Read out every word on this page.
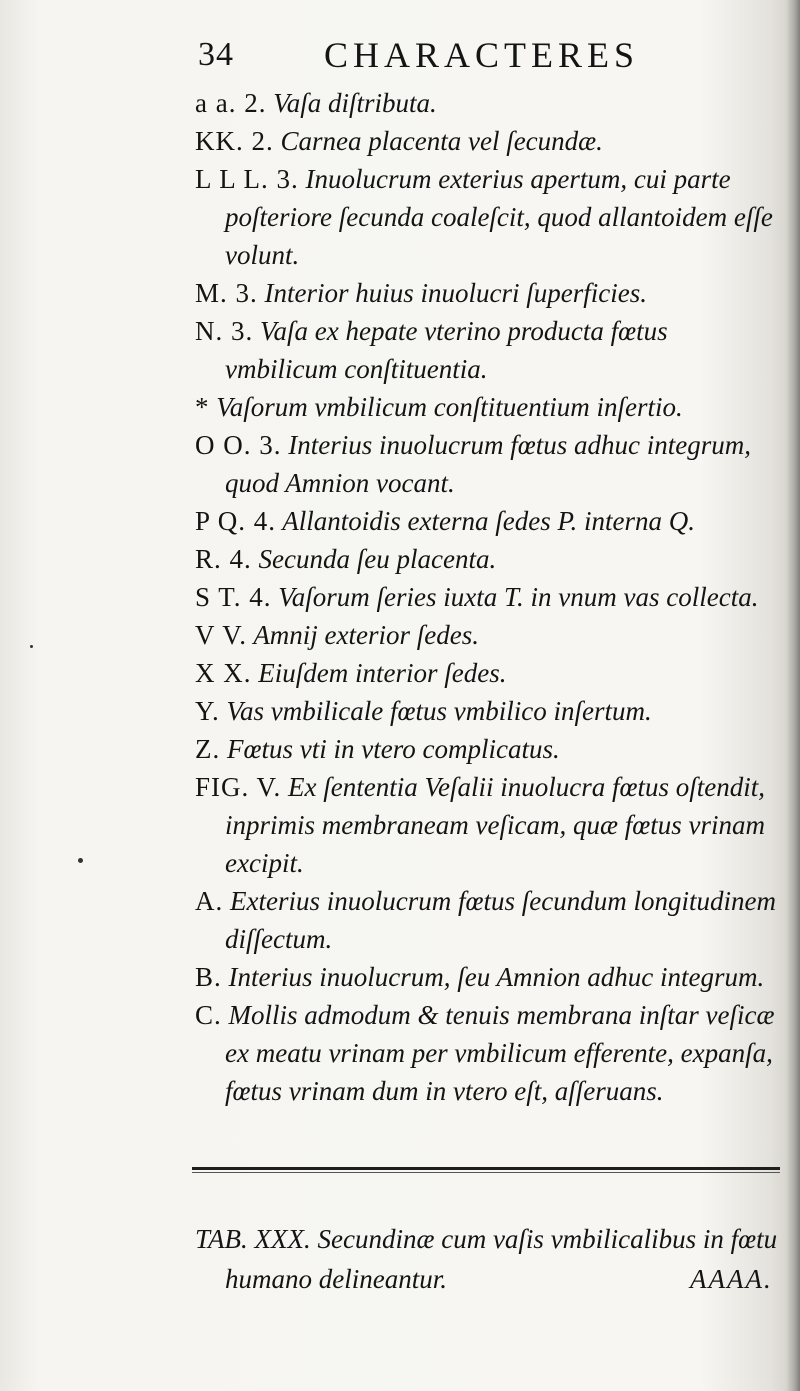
34	CHARACTERES

a a. 2. Vaſa diſtributa.

KK. 2. Carnea placenta vel ſecundæ.

L L L. 3. Inuolucrum exterius apertum, cui parte poſteriore ſecunda coaleſcit, quod allantoidem eſſe volunt.

M. 3. Interior huius inuolucri ſuperficies.

N. 3. Vaſa ex hepate vterino producta fœtus vmbilicum conſtituentia.

* Vaſorum vmbilicum conſtituentium inſertio.

O O. 3. Interius inuolucrum fœtus adhuc integrum, quod Amnion vocant.

P Q. 4. Allantoidis externa ſedes P. interna Q.

R. 4. Secunda ſeu placenta.

S T. 4. Vaſorum ſeries iuxta T. in vnum vas collecta.

V V. Amnij exterior ſedes.

X X. Eiuſdem interior ſedes.

Y. Vas vmbilicale fœtus vmbilico inſertum.

Z. Fœtus vti in vtero complicatus.

FIG. V. Ex ſententia Veſalii inuolucra fœtus oſtendit, inprimis membraneam veſicam, quæ fœtus vrinam excipit.

A. Exterius inuolucrum fœtus ſecundum longitudinem diſſectum.

B. Interius inuolucrum, ſeu Amnion adhuc integrum.

C. Mollis admodum & tenuis membrana inſtar veſicæ ex meatu vrinam per vmbilicum efferente, expanſa, fœtus vrinam dum in vtero eſt, aſſeruans.

TAB. XXX. Secundinæ cum vaſis vmbilicalibus in fœtu humano delineantur.	AAAA.
